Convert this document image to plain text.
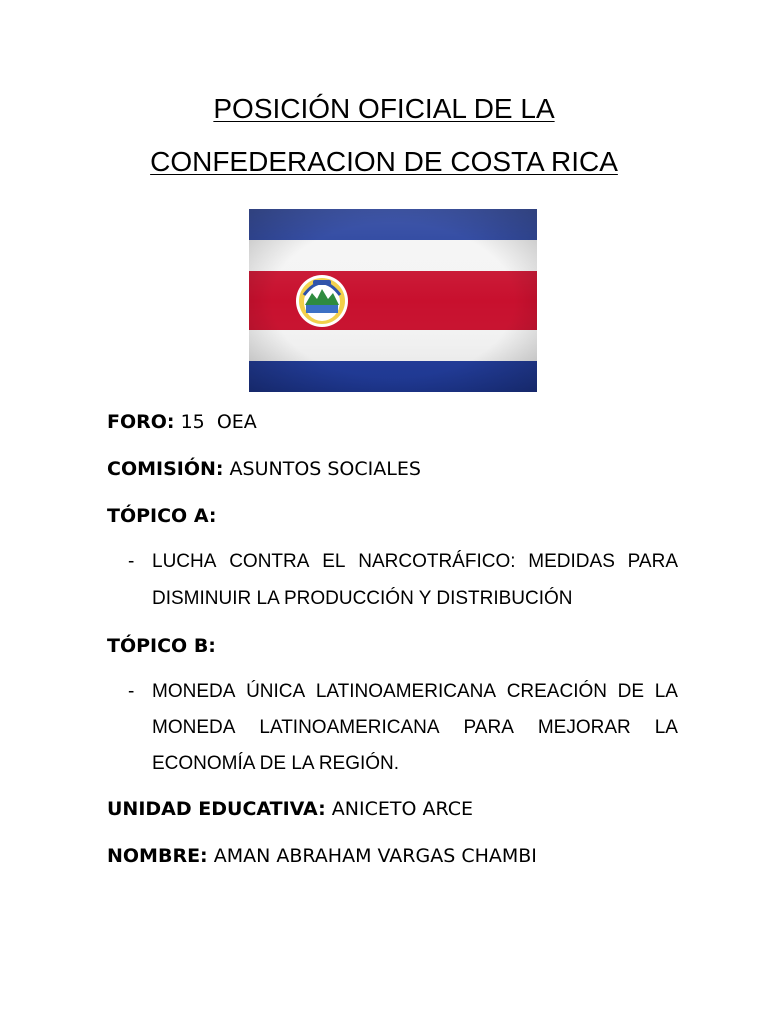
POSICIÓN OFICIAL DE LA
CONFEDERACION DE COSTA RICA
FORO: 15  OEA
COMISIÓN: ASUNTOS SOCIALES
TÓPICO A:
- LUCHA CONTRA EL NARCOTRÁFICO: MEDIDAS PARA
DISMINUIR LA PRODUCCIÓN Y DISTRIBUCIÓN
TÓPICO B:
- MONEDA ÚNICA LATINOAMERICANA CREACIÓN DE LA
MONEDA LATINOAMERICANA PARA MEJORAR LA
ECONOMÍA DE LA REGIÓN.
UNIDAD EDUCATIVA: ANICETO ARCE
NOMBRE: AMAN ABRAHAM VARGAS CHAMBI
